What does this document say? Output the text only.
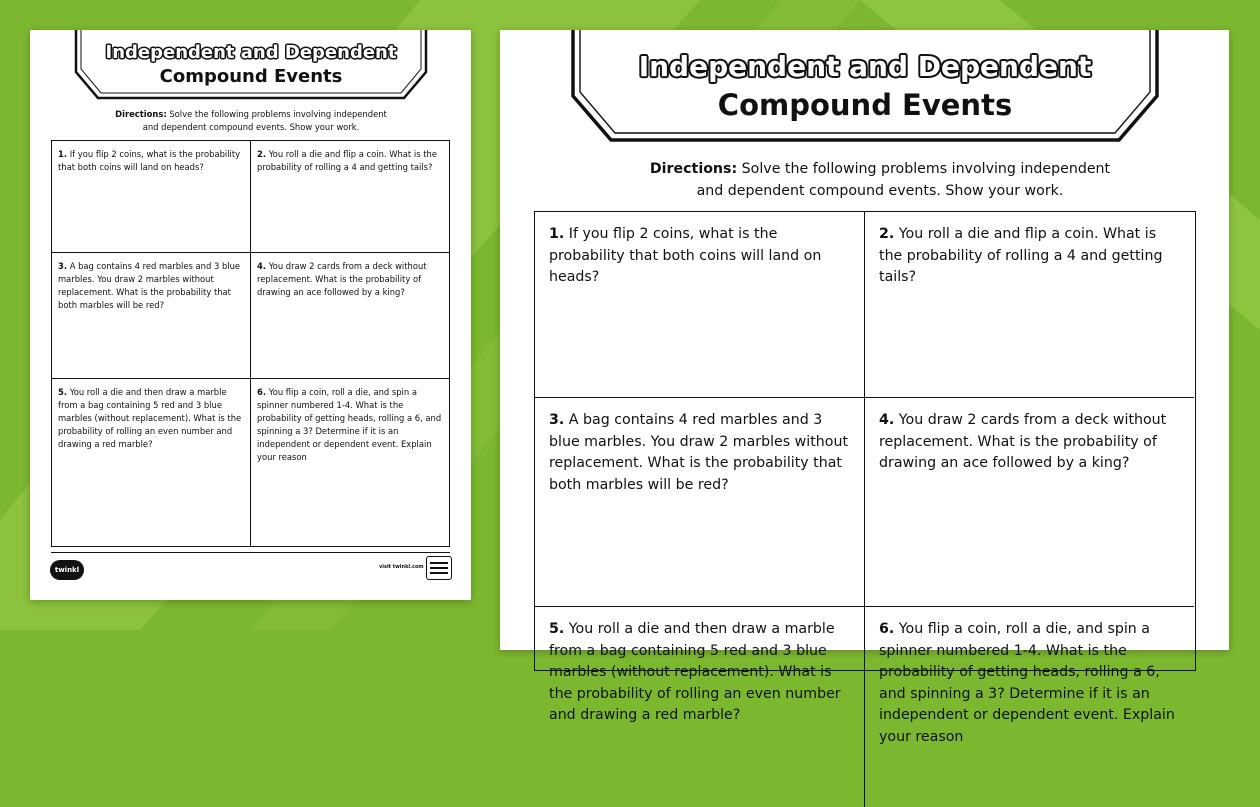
Independent and Dependent
Compound Events
Directions: Solve the following problems involving independent
and dependent compound events. Show your work.
1. If you flip 2 coins, what is the probability that both coins will land on heads?
2. You roll a die and flip a coin. What is the probability of rolling a 4 and getting tails?
3. A bag contains 4 red marbles and 3 blue marbles. You draw 2 marbles without replacement. What is the probability that both marbles will be red?
4. You draw 2 cards from a deck without replacement. What is the probability of drawing an ace followed by a king?
5. You roll a die and then draw a marble from a bag containing 5 red and 3 blue marbles (without replacement). What is the probability of rolling an even number and drawing a red marble?
6. You flip a coin, roll a die, and spin a spinner numbered 1-4. What is the probability of getting heads, rolling a 6, and spinning a 3? Determine if it is an independent or dependent event. Explain your reason
twinkl	visit twinkl.com
Independent and Dependent
Compound Events
Directions: Solve the following problems involving independent
and dependent compound events. Show your work.
1. If you flip 2 coins, what is the probability that both coins will land on heads?
2. You roll a die and flip a coin. What is the probability of rolling a 4 and getting tails?
3. A bag contains 4 red marbles and 3 blue marbles. You draw 2 marbles without replacement. What is the probability that both marbles will be red?
4. You draw 2 cards from a deck without replacement. What is the probability of drawing an ace followed by a king?
5. You roll a die and then draw a marble from a bag containing 5 red and 3 blue marbles (without replacement). What is the probability of rolling an even number and drawing a red marble?
6. You flip a coin, roll a die, and spin a spinner numbered 1-4. What is the probability of getting heads, rolling a 6, and spinning a 3? Determine if it is an independent or dependent event. Explain your reason
